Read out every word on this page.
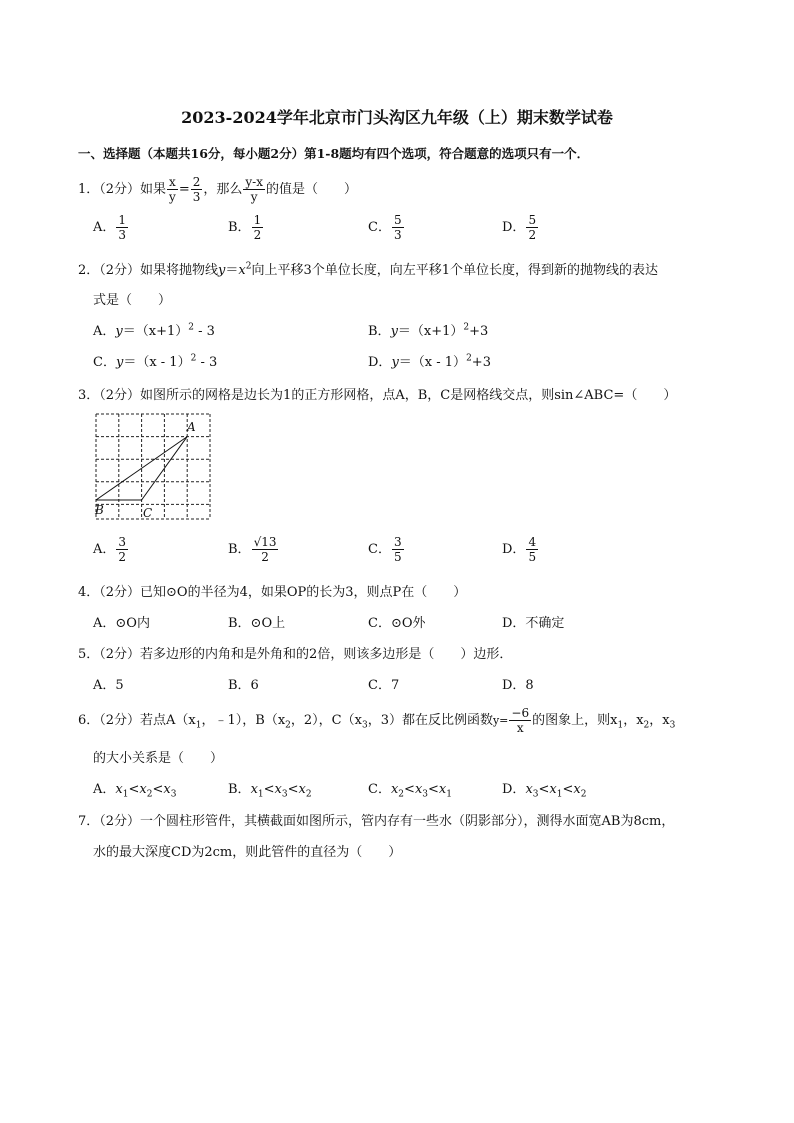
2023-2024学年北京市门头沟区九年级（上）期末数学试卷
一、选择题（本题共16分，每小题2分）第1-8题均有四个选项，符合题意的选项只有一个．
1．（2分）如果 $\frac{x}{y} = \frac{2}{3}$ ，那么 $\frac{y-x}{y}$ 的值是（　　）
A． $\frac{1}{3}$	B． $\frac{1}{2}$	C． $\frac{5}{3}$	D． $\frac{5}{2}$
2．（2分）如果将抛物线$y=x^2$向上平移3个单位长度，向左平移1个单位长度，得到新的抛物线的表达
式是（　　）
A．$y=(x+1)^2 - 3$	B．$y=(x+1)^2+3$
C．y＝（x - 1）$^2$ - 3	D．y＝（x - 1）$^2$+3
3．（2分）如图所示的网格是边长为1的正方形网格，点A，B，C是网格线交点，则sin∠ABC=（　　）
A
B	C
A． $\frac{3}{2}$	B． $\frac{√13}{2}$	C． $\frac{3}{5}$	D． $\frac{4}{5}$
4．（2分）已知⊙O的半径为4，如果OP的长为3，则点P在（　　）
A．⊙O内	B．⊙O上	C．⊙O外	D．不确定
5．（2分）若多边形的内角和是外角和的2倍，则该多边形是（　　）边形．
A．5	B．6	C．7	D．8
6．（2分）若点$A(x_1$，﹣1），$B(x_2$，2），$C(x_3$，3）都在反比例函数$y= \frac{-6}{x}$ 的图象上，则$x_1$，$x_2$，$x_3$
的大小关系是（　　）
A．$x_1<x_2<x_3$	B．$x_1<x_3<x_2$	C．$x_2<x_3<x_1$	D．$x_3<x_1<x_2$
7．（2分）一个圆柱形管件，其横截面如图所示，管内存有一些水（阴影部分），测得水面宽AB为8cm，
水的最大深度CD为2cm，则此管件的直径为（　　）
